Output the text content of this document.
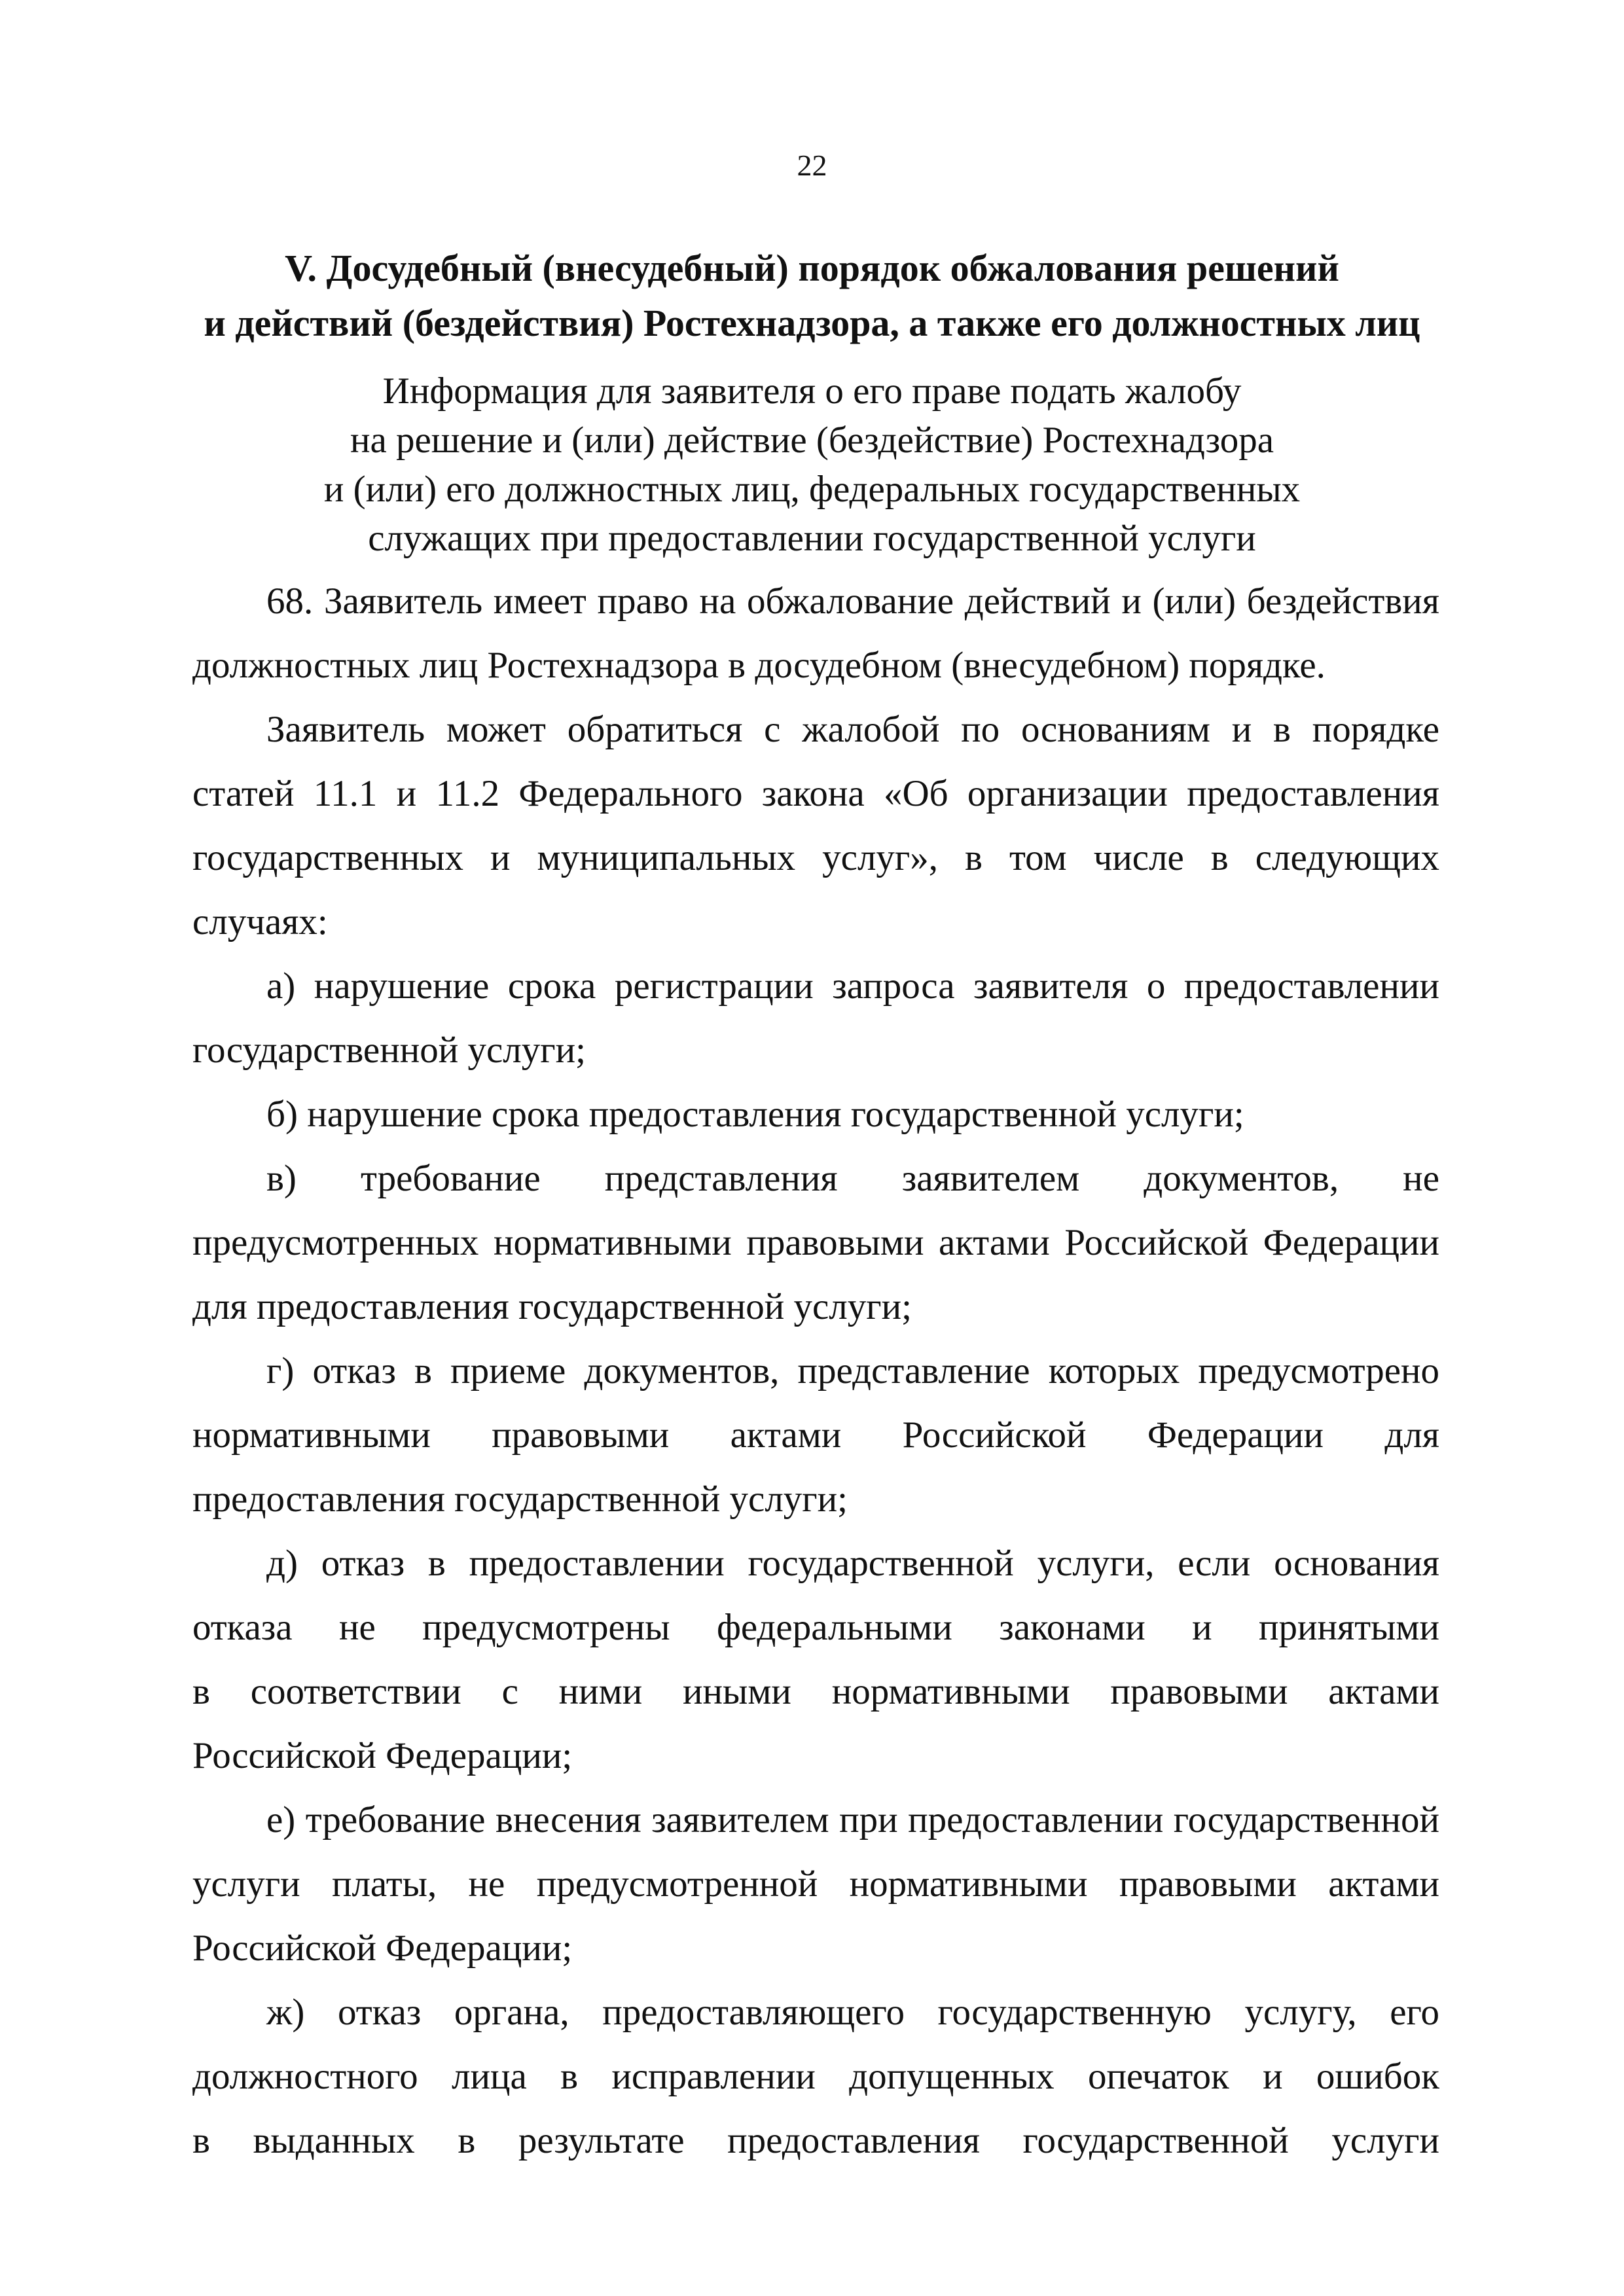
22
V. Досудебный (внесудебный) порядок обжалования решений
и действий (бездействия) Ростехнадзора, а также его должностных лиц
Информация для заявителя о его праве подать жалобу
на решение и (или) действие (бездействие) Ростехнадзора
и (или) его должностных лиц, федеральных государственных
служащих при предоставлении государственной услуги
68. Заявитель имеет право на обжалование действий и (или) бездействия
должностных лиц Ростехнадзора в досудебном (внесудебном) порядке.
Заявитель может обратиться с жалобой по основаниям и в порядке
статей 11.1 и 11.2 Федерального закона «Об организации предоставления
государственных и муниципальных услуг», в том числе в следующих
случаях:
а) нарушение срока регистрации запроса заявителя о предоставлении
государственной услуги;
б) нарушение срока предоставления государственной услуги;
в) требование представления заявителем документов, не
предусмотренных нормативными правовыми актами Российской Федерации
для предоставления государственной услуги;
г) отказ в приеме документов, представление которых предусмотрено
нормативными правовыми актами Российской Федерации для
предоставления государственной услуги;
д) отказ в предоставлении государственной услуги, если основания
отказа не предусмотрены федеральными законами и принятыми
в соответствии с ними иными нормативными правовыми актами
Российской Федерации;
е) требование внесения заявителем при предоставлении государственной
услуги платы, не предусмотренной нормативными правовыми актами
Российской Федерации;
ж) отказ органа, предоставляющего государственную услугу, его
должностного лица в исправлении допущенных опечаток и ошибок
в выданных в результате предоставления государственной услуги
